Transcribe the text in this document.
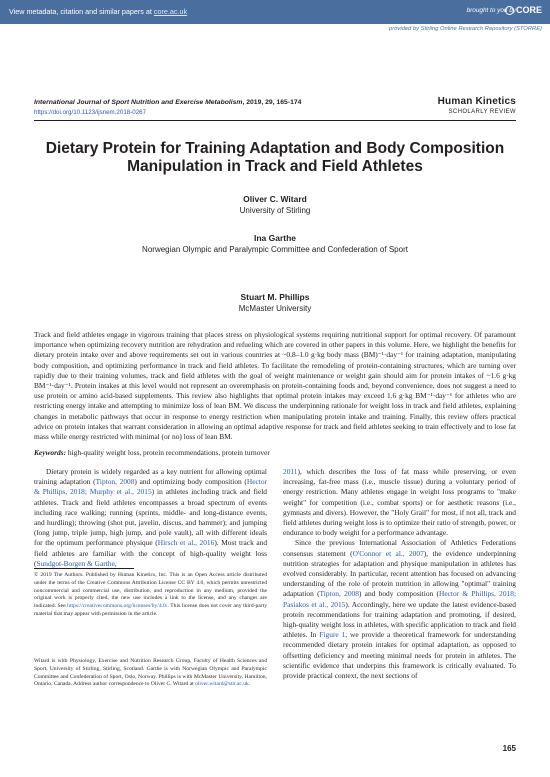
View metadata, citation and similar papers at core.ac.uk	brought to you by CORE
provided by Stirling Online Research Repository (STORRE)
International Journal of Sport Nutrition and Exercise Metabolism, 2019, 29, 165-174
https://doi.org/10.1123/ijsnem.2018-0267
Human Kinetics
SCHOLARLY REVIEW
Dietary Protein for Training Adaptation and Body Composition
Manipulation in Track and Field Athletes
Oliver C. Witard
University of Stirling
Ina Garthe
Norwegian Olympic and Paralympic Committee and Confederation of Sport
Stuart M. Phillips
McMaster University
Track and field athletes engage in vigorous training that places stress on physiological systems requiring nutritional support for optimal recovery. Of paramount importance when optimizing recovery nutrition are rehydration and refueling which are covered in other papers in this volume. Here, we highlight the benefits for dietary protein intake over and above requirements set out in various countries at ~0.8–1.0 g·kg body mass (BM)⁻¹·day⁻¹ for training adaptation, manipulating body composition, and optimizing performance in track and field athletes. To facilitate the remodeling of protein-containing structures, which are turning over rapidly due to their training volumes, track and field athletes with the goal of weight maintenance or weight gain should aim for protein intakes of ~1.6 g·kg BM⁻¹·day⁻¹. Protein intakes at this level would not represent an overemphasis on protein-containing foods and, beyond convenience, does not suggest a need to use protein or amino acid-based supplements. This review also highlights that optimal protein intakes may exceed 1.6 g·kg BM⁻¹·day⁻¹ for athletes who are restricting energy intake and attempting to minimize loss of lean BM. We discuss the underpinning rationale for weight loss in track and field athletes, explaining changes in metabolic pathways that occur in response to energy restriction when manipulating protein intake and training. Finally, this review offers practical advice on protein intakes that warrant consideration in allowing an optimal adaptive response for track and field athletes seeking to train effectively and to lose fat mass while energy restricted with minimal (or no) loss of lean BM.
Keywords: high-quality weight loss, protein recommendations, protein turnover

Dietary protein is widely regarded as a key nutrient for allowing optimal training adaptation (Tipton, 2008) and optimizing body composition (Hector & Phillips, 2018; Murphy et al., 2015) in athletes including track and field athletes. Track and field athletes encompasses a broad spectrum of events including race walking; running (sprints, middle- and long-distance events, and hurdling); throwing (shot put, javelin, discus, and hammer); and jumping (long jump, triple jump, high jump, and pole vault), all with different ideals for the optimum performance physique (Hirsch et al., 2016). Most track and field athletes are familiar with the concept of high-quality weight loss (Sundgot-Borgen & Garthe,

© 2019 The Authors. Published by Human Kinetics, Inc. This is an Open Access article distributed under the terms of the Creative Commons Attribution License CC BY 4.0, which permits unrestricted noncommercial and commercial use, distribution, and reproduction in any medium, provided the original work is properly cited, the new use includes a link to the license, and any changes are indicated. See https://creativecommons.org/licenses/by/4.0/. This license does not cover any third-party material that may appear with permission in the article.
Witard is with Physiology, Exercise and Nutrition Research Group, Faculty of Health Sciences and Sport, University of Stirling, Stirling, Scotland. Garthe is with Norwegian Olympic and Paralympic Committee and Confederation of Sport, Oslo, Norway. Phillips is with McMaster University, Hamilton, Ontario, Canada. Address author correspondence to Oliver C. Witard at oliver.witard@stir.ac.uk.

2011), which describes the loss of fat mass while preserving, or even increasing, fat-free mass (i.e., muscle tissue) during a voluntary period of energy restriction. Many athletes engage in weight loss programs to "make weight" for competition (i.e., combat sports) or for aesthetic reasons (i.e., gymnasts and divers). However, the "Holy Grail" for most, if not all, track and field athletes during weight loss is to optimize their ratio of strength, power, or endurance to body weight for a performance advantage.

Since the previous International Association of Athletics Federations consensus statement (O'Connor et al., 2007), the evidence underpinning nutrition strategies for adaptation and physique manipulation in athletes has evolved considerably. In particular, recent attention has focused on advancing understanding of the role of protein nutrition in allowing "optimal" training adaptation (Tipton, 2008) and body composition (Hector & Phillips, 2018; Pasiakos et al., 2015). Accordingly, here we update the latest evidence-based protein recommendations for training adaptation and promoting, if desired, high-quality weight loss in athletes, with specific application to track and field athletes. In Figure 1, we provide a theoretical framework for understanding recommended dietary protein intakes for optimal adaptation, as opposed to offsetting deficiency and meeting minimal needs for protein in athletes. The scientific evidence that underpins this framework is critically evaluated. To provide practical context, the next sections of

165
